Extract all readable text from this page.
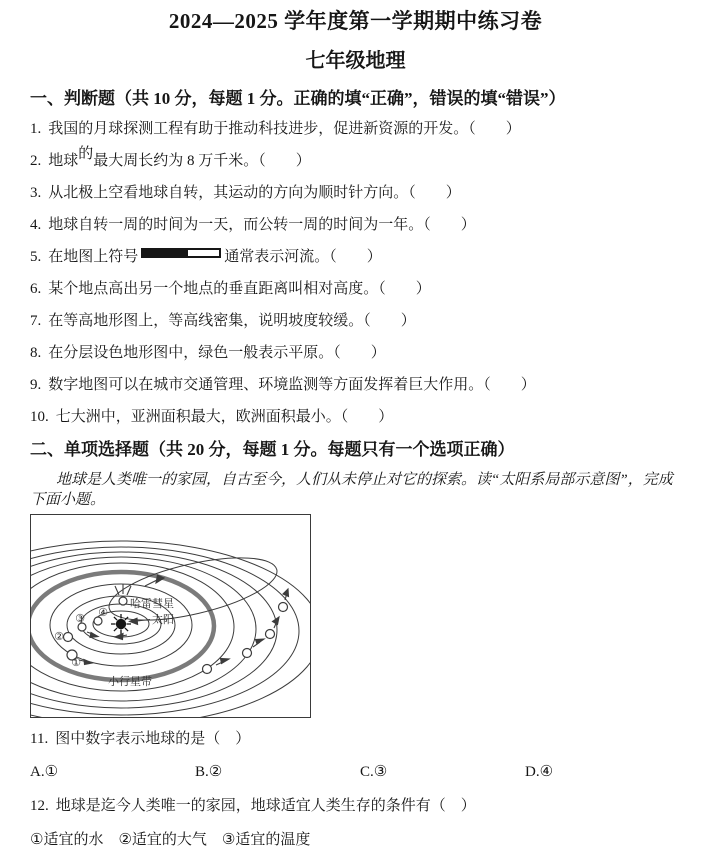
2024—2025 学年度第一学期期中练习卷
七年级地理
一、判断题（共 10 分，每题 1 分。正确的填“正确”，错误的填“错误”）
1. 我国的月球探测工程有助于推动科技进步，促进新资源的开发。（　　）
2. 地球的最大周长约为 8 万千米。（　　）
3. 从北极上空看地球自转，其运动的方向为顺时针方向。（　　）
4. 地球自转一周的时间为一天，而公转一周的时间为一年。（　　）
5. 在地图上符号	通常表示河流。（　　）
6. 某个地点高出另一个地点的垂直距离叫相对高度。（　　）
7. 在等高地形图上，等高线密集，说明坡度较缓。（　　）
8. 在分层设色地形图中，绿色一般表示平原。（　　）
9. 数字地图可以在城市交通管理、环境监测等方面发挥着巨大作用。（　　）
10. 七大洲中，亚洲面积最大，欧洲面积最小。（　　）
二、单项选择题（共 20 分，每题 1 分。每题只有一个选项正确）

地球是人类唯一的家园，自古至今，人们从未停止对它的探索。读“太阳系局部示意图”，完成下面小题。

哈雷彗星
太阳
小行星带
①
②
③ ④
11. 图中数字表示地球的是（　）
A.①	B.②	C.③	D.④
12. 地球是迄今人类唯一的家园，地球适宜人类生存的条件有（　）
①适宜的水　②适宜的大气　③适宜的温度
